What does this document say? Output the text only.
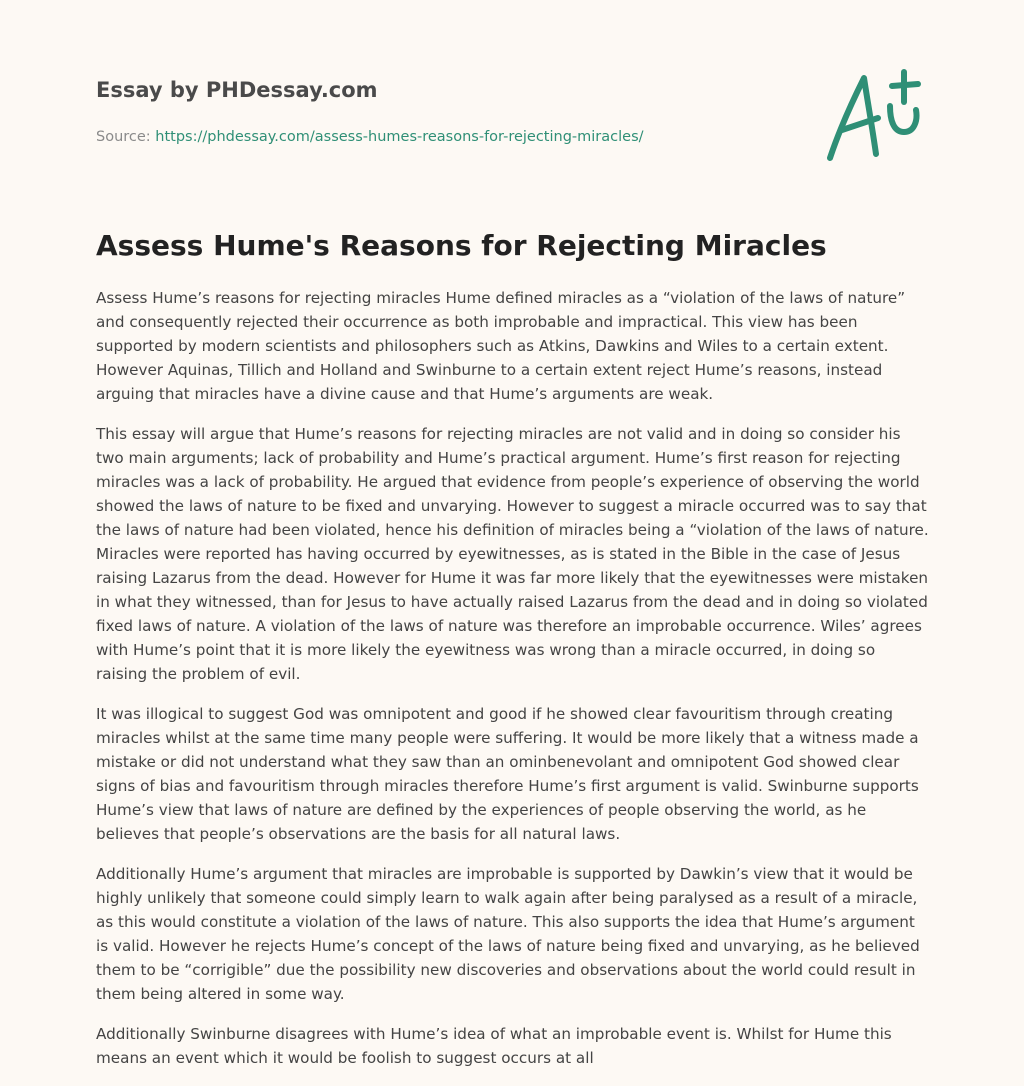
Essay by PHDessay.com
Source: https://phdessay.com/assess-humes-reasons-for-rejecting-miracles/
Assess Hume's Reasons for Rejecting Miracles

Assess Hume’s reasons for rejecting miracles Hume defined miracles as a “violation of the laws of nature” and consequently rejected their occurrence as both improbable and impractical. This view has been supported by modern scientists and philosophers such as Atkins, Dawkins and Wiles to a certain extent. However Aquinas, Tillich and Holland and Swinburne to a certain extent reject Hume’s reasons, instead arguing that miracles have a divine cause and that Hume’s arguments are weak.

This essay will argue that Hume’s reasons for rejecting miracles are not valid and in doing so consider his two main arguments; lack of probability and Hume’s practical argument. Hume’s first reason for rejecting miracles was a lack of probability. He argued that evidence from people’s experience of observing the world showed the laws of nature to be fixed and unvarying. However to suggest a miracle occurred was to say that the laws of nature had been violated, hence his definition of miracles being a “violation of the laws of nature. Miracles were reported has having occurred by eyewitnesses, as is stated in the Bible in the case of Jesus raising Lazarus from the dead. However for Hume it was far more likely that the eyewitnesses were mistaken in what they witnessed, than for Jesus to have actually raised Lazarus from the dead and in doing so violated fixed laws of nature. A violation of the laws of nature was therefore an improbable occurrence. Wiles’ agrees with Hume’s point that it is more likely the eyewitness was wrong than a miracle occurred, in doing so raising the problem of evil.

It was illogical to suggest God was omnipotent and good if he showed clear favouritism through creating miracles whilst at the same time many people were suffering. It would be more likely that a witness made a mistake or did not understand what they saw than an ominbenevolant and omnipotent God showed clear signs of bias and favouritism through miracles therefore Hume’s first argument is valid. Swinburne supports Hume’s view that laws of nature are defined by the experiences of people observing the world, as he believes that people’s observations are the basis for all natural laws.

Additionally Hume’s argument that miracles are improbable is supported by Dawkin’s view that it would be highly unlikely that someone could simply learn to walk again after being paralysed as a result of a miracle, as this would constitute a violation of the laws of nature. This also supports the idea that Hume’s argument is valid. However he rejects Hume’s concept of the laws of nature being fixed and unvarying, as he believed them to be “corrigible” due the possibility new discoveries and observations about the world could result in them being altered in some way.

Additionally Swinburne disagrees with Hume’s idea of what an improbable event is. Whilst for Hume this means an event which it would be foolish to suggest occurs at all
